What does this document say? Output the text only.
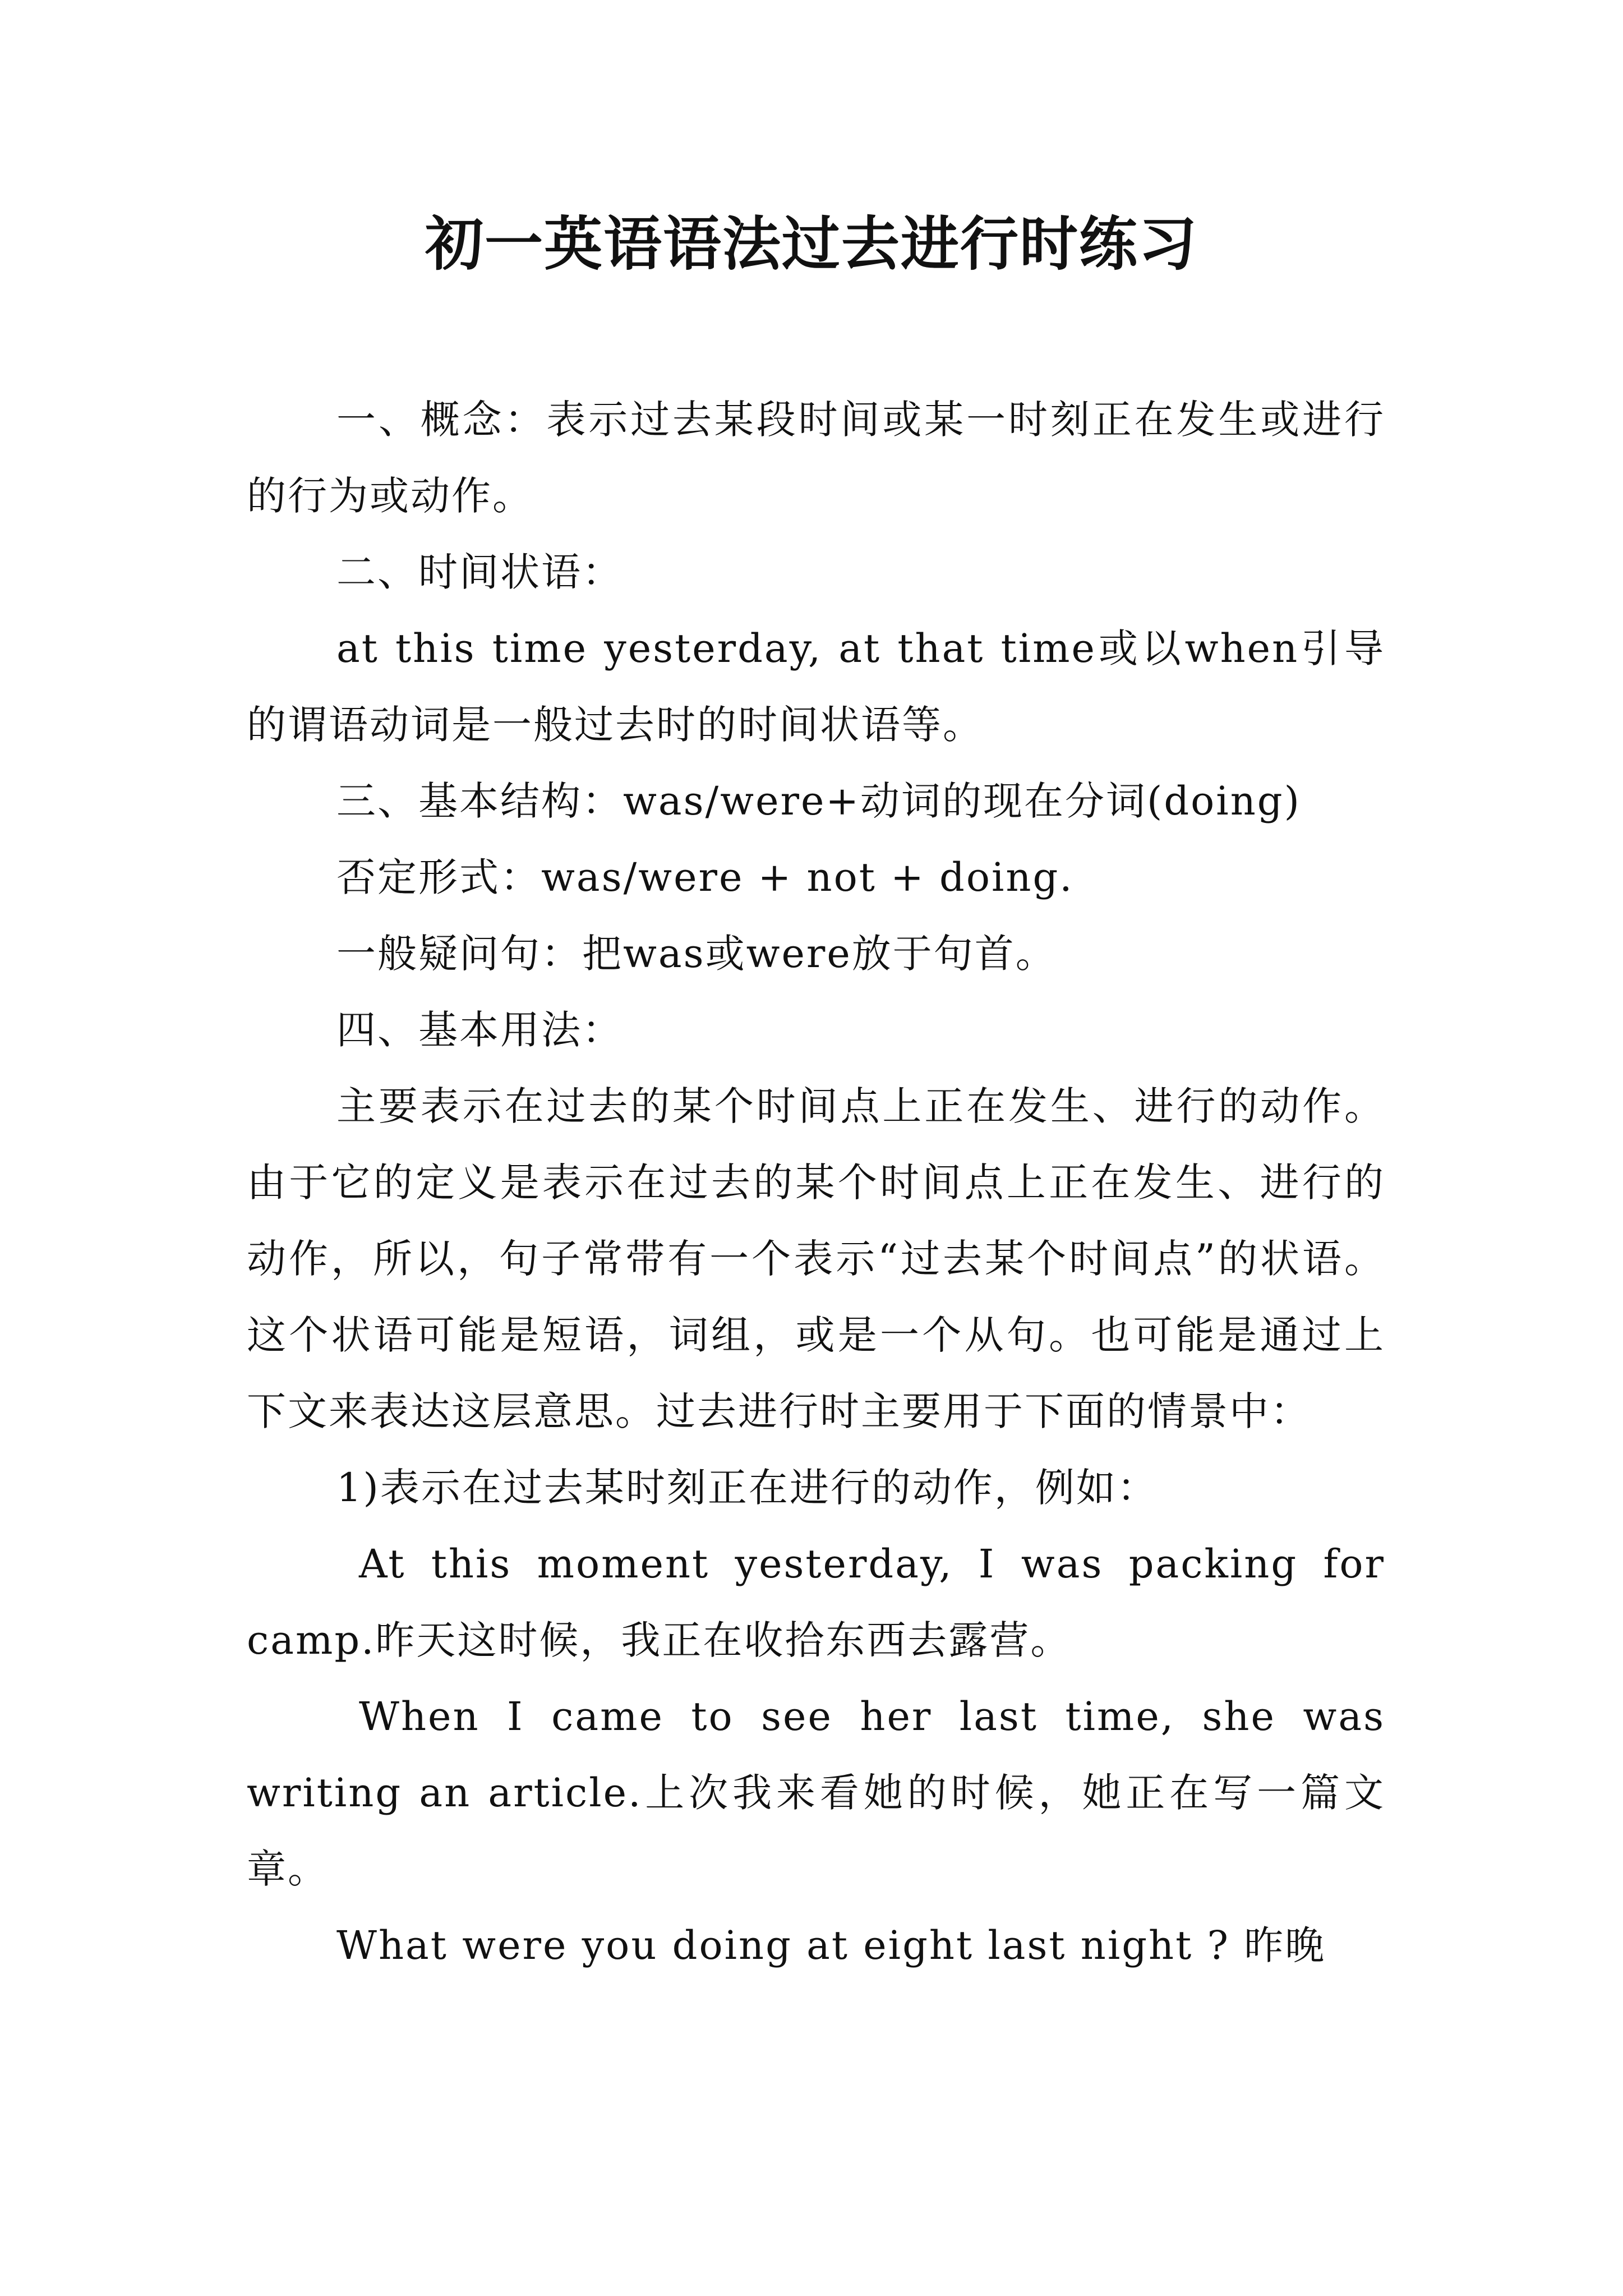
初一英语语法过去进行时练习

一、概念：表示过去某段时间或某一时刻正在发生或进行的行为或动作。

二、时间状语：

at this time yesterday, at that time或以when引导的谓语动词是一般过去时的时间状语等。

三、基本结构：was/were+动词的现在分词(doing)

否定形式：was/were + not + doing.

一般疑问句：把was或were放于句首。

四、基本用法：

主要表示在过去的某个时间点上正在发生、进行的动作。由于它的定义是表示在过去的某个时间点上正在发生、进行的动作，所以，句子常带有一个表示“过去某个时间点”的状语。这个状语可能是短语，词组，或是一个从句。也可能是通过上下文来表达这层意思。过去进行时主要用于下面的情景中：

1)表示在过去某时刻正在进行的动作，例如：

At this moment yesterday, I was packing for camp.昨天这时候，我正在收拾东西去露营。

When I came to see her last time, she was writing an article.上次我来看她的时候，她正在写一篇文章。

What were you doing at eight last night ? 昨晚
